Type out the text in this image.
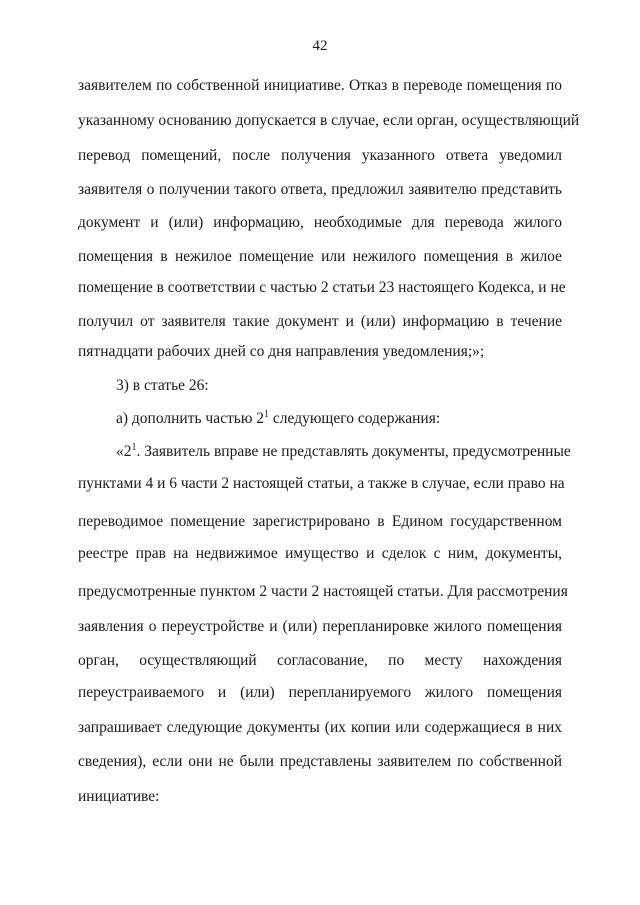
42
заявителем по собственной инициативе. Отказ в переводе помещения по
указанному основанию допускается в случае, если орган, осуществляющий
перевод помещений, после получения указанного ответа уведомил
заявителя о получении такого ответа, предложил заявителю представить
документ и (или) информацию, необходимые для перевода жилого
помещения в нежилое помещение или нежилого помещения в жилое
помещение в соответствии с частью 2 статьи 23 настоящего Кодекса, и не
получил от заявителя такие документ и (или) информацию в течение
пятнадцати рабочих дней со дня направления уведомления;»;
3) в статье 26:
а) дополнить частью $2^1$ следующего содержания:
«$2^1$. Заявитель вправе не представлять документы, предусмотренные
пунктами 4 и 6 части 2 настоящей статьи, а также в случае, если право на
переводимое помещение зарегистрировано в Едином государственном
реестре прав на недвижимое имущество и сделок с ним, документы,
предусмотренные пунктом 2 части 2 настоящей статьи. Для рассмотрения
заявления о переустройстве и (или) перепланировке жилого помещения
орган, осуществляющий согласование, по месту нахождения
переустраиваемого и (или) перепланируемого жилого помещения
запрашивает следующие документы (их копии или содержащиеся в них
сведения), если они не были представлены заявителем по собственной
инициативе:
